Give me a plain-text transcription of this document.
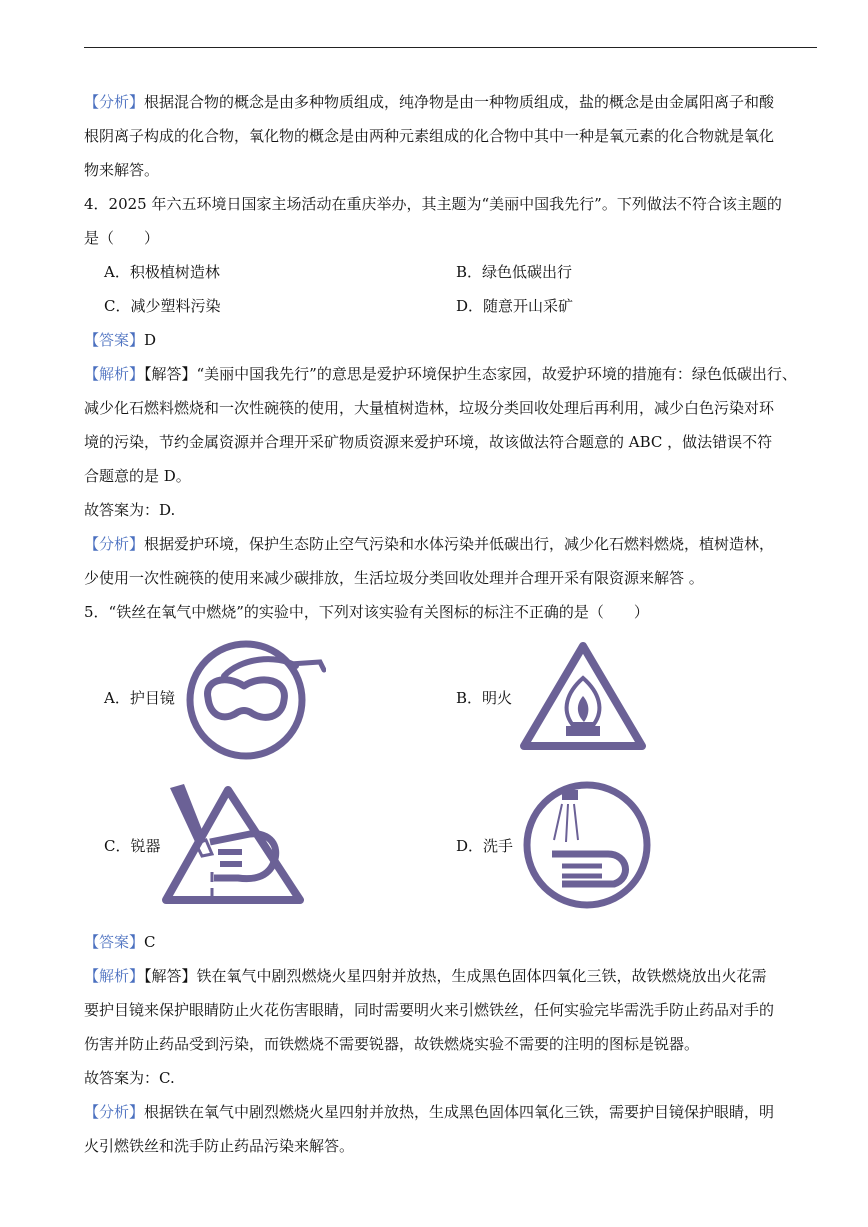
【分析】根据混合物的概念是由多种物质组成，纯净物是由一种物质组成，盐的概念是由金属阳离子和酸
根阴离子构成的化合物，氧化物的概念是由两种元素组成的化合物中其中一种是氧元素的化合物就是氧化
物来解答。
4．2025 年六五环境日国家主场活动在重庆举办，其主题为“美丽中国我先行”。下列做法不符合该主题的
是（　　）
A．积极植树造林	B．绿色低碳出行
C．减少塑料污染	D．随意开山采矿
【答案】D
【解析】【解答】“美丽中国我先行”的意思是爱护环境保护生态家园，故爱护环境的措施有：绿色低碳出行、
减少化石燃料燃烧和一次性碗筷的使用，大量植树造林，垃圾分类回收处理后再利用，减少白色污染对环
境的污染，节约金属资源并合理开采矿物质资源来爱护环境，故该做法符合题意的 ABC ，做法错误不符
合题意的是 D。
故答案为：D.
【分析】根据爱护环境，保护生态防止空气污染和水体污染并低碳出行，减少化石燃料燃烧，植树造林，
少使用一次性碗筷的使用来减少碳排放，生活垃圾分类回收处理并合理开采有限资源来解答 。
5．“铁丝在氧气中燃烧”的实验中，下列对该实验有关图标的标注不正确的是（　　）
A．护目镜	B．明火
C．锐器	D．洗手
【答案】C
【解析】【解答】铁在氧气中剧烈燃烧火星四射并放热，生成黑色固体四氧化三铁，故铁燃烧放出火花需
要护目镜来保护眼睛防止火花伤害眼睛，同时需要明火来引燃铁丝，任何实验完毕需洗手防止药品对手的
伤害并防止药品受到污染，而铁燃烧不需要锐器，故铁燃烧实验不需要的注明的图标是锐器。
故答案为：C.
【分析】根据铁在氧气中剧烈燃烧火星四射并放热，生成黑色固体四氧化三铁，需要护目镜保护眼睛，明
火引燃铁丝和洗手防止药品污染来解答。
